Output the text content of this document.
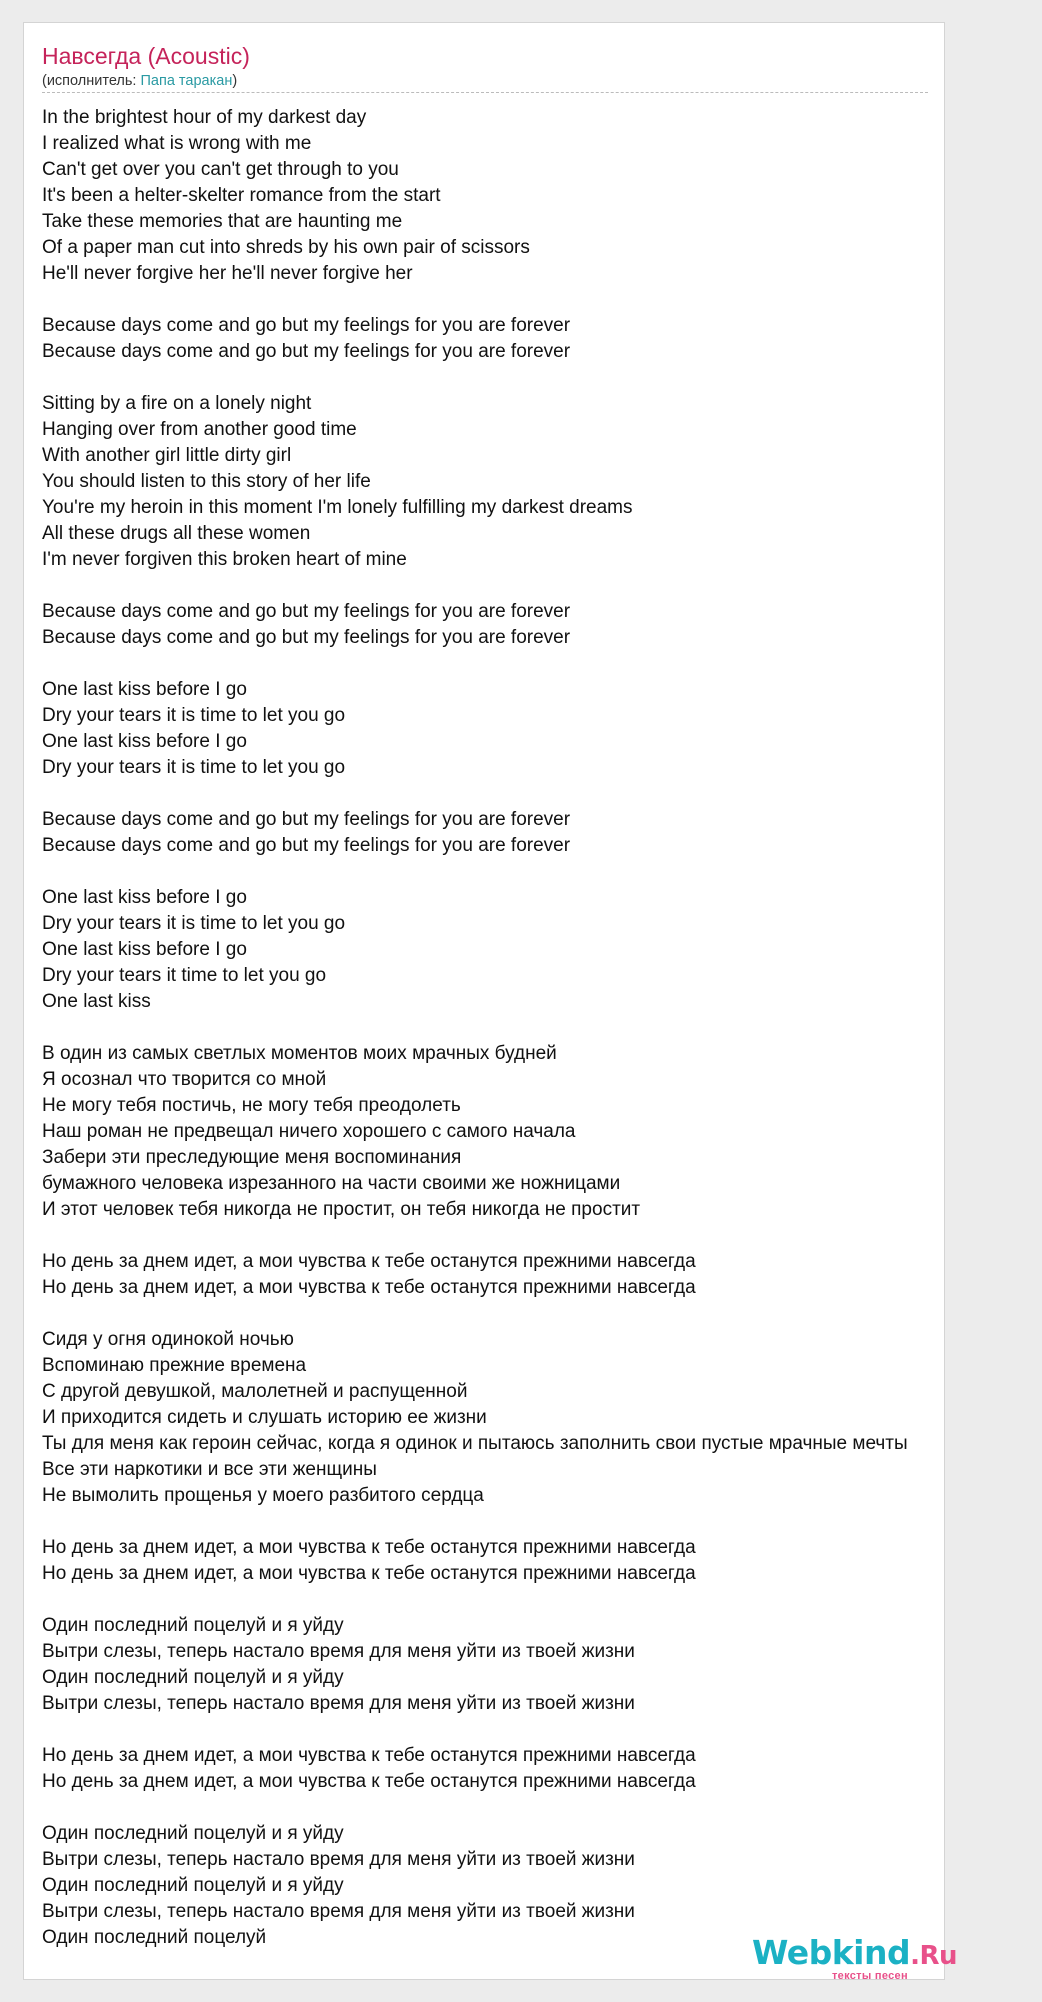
Навсегда (Acoustic)
(исполнитель: Папа таракан)
In the brightest hour of my darkest day
I realized what is wrong with me
Can't get over you can't get through to you
It's been a helter-skelter romance from the start
Take these memories that are haunting me
Of a paper man cut into shreds by his own pair of scissors
He'll never forgive her he'll never forgive her
Because days come and go but my feelings for you are forever
Because days come and go but my feelings for you are forever
Sitting by a fire on a lonely night
Hanging over from another good time
With another girl little dirty girl
You should listen to this story of her life
You're my heroin in this moment I'm lonely fulfilling my darkest dreams
All these drugs all these women
I'm never forgiven this broken heart of mine
Because days come and go but my feelings for you are forever
Because days come and go but my feelings for you are forever
One last kiss before I go
Dry your tears it is time to let you go
One last kiss before I go
Dry your tears it is time to let you go
Because days come and go but my feelings for you are forever
Because days come and go but my feelings for you are forever
One last kiss before I go
Dry your tears it is time to let you go
One last kiss before I go
Dry your tears it time to let you go
One last kiss
В один из самых светлых моментов моих мрачных будней
Я осознал что творится со мной
Не могу тебя постичь, не могу тебя преодолеть
Наш роман не предвещал ничего хорошего с самого начала
Забери эти преследующие меня воспоминания
бумажного человека изрезанного на части своими же ножницами
И этот человек тебя никогда не простит, он тебя никогда не простит
Но день за днем идет, а мои чувства к тебе останутся прежними навсегда
Но день за днем идет, а мои чувства к тебе останутся прежними навсегда
Сидя у огня одинокой ночью
Вспоминаю прежние времена
С другой девушкой, малолетней и распущенной
И приходится сидеть и слушать историю ее жизни
Ты для меня как героин сейчас, когда я одинок и пытаюсь заполнить свои пустые мрачные мечты
Все эти наркотики и все эти женщины
Не вымолить прощенья у моего разбитого сердца
Но день за днем идет, а мои чувства к тебе останутся прежними навсегда
Но день за днем идет, а мои чувства к тебе останутся прежними навсегда
Один последний поцелуй и я уйду
Вытри слезы, теперь настало время для меня уйти из твоей жизни
Один последний поцелуй и я уйду
Вытри слезы, теперь настало время для меня уйти из твоей жизни
Но день за днем идет, а мои чувства к тебе останутся прежними навсегда
Но день за днем идет, а мои чувства к тебе останутся прежними навсегда
Один последний поцелуй и я уйду
Вытри слезы, теперь настало время для меня уйти из твоей жизни
Один последний поцелуй и я уйду
Вытри слезы, теперь настало время для меня уйти из твоей жизни
Один последний поцелуй	Webkind.Ru
тексты песен
